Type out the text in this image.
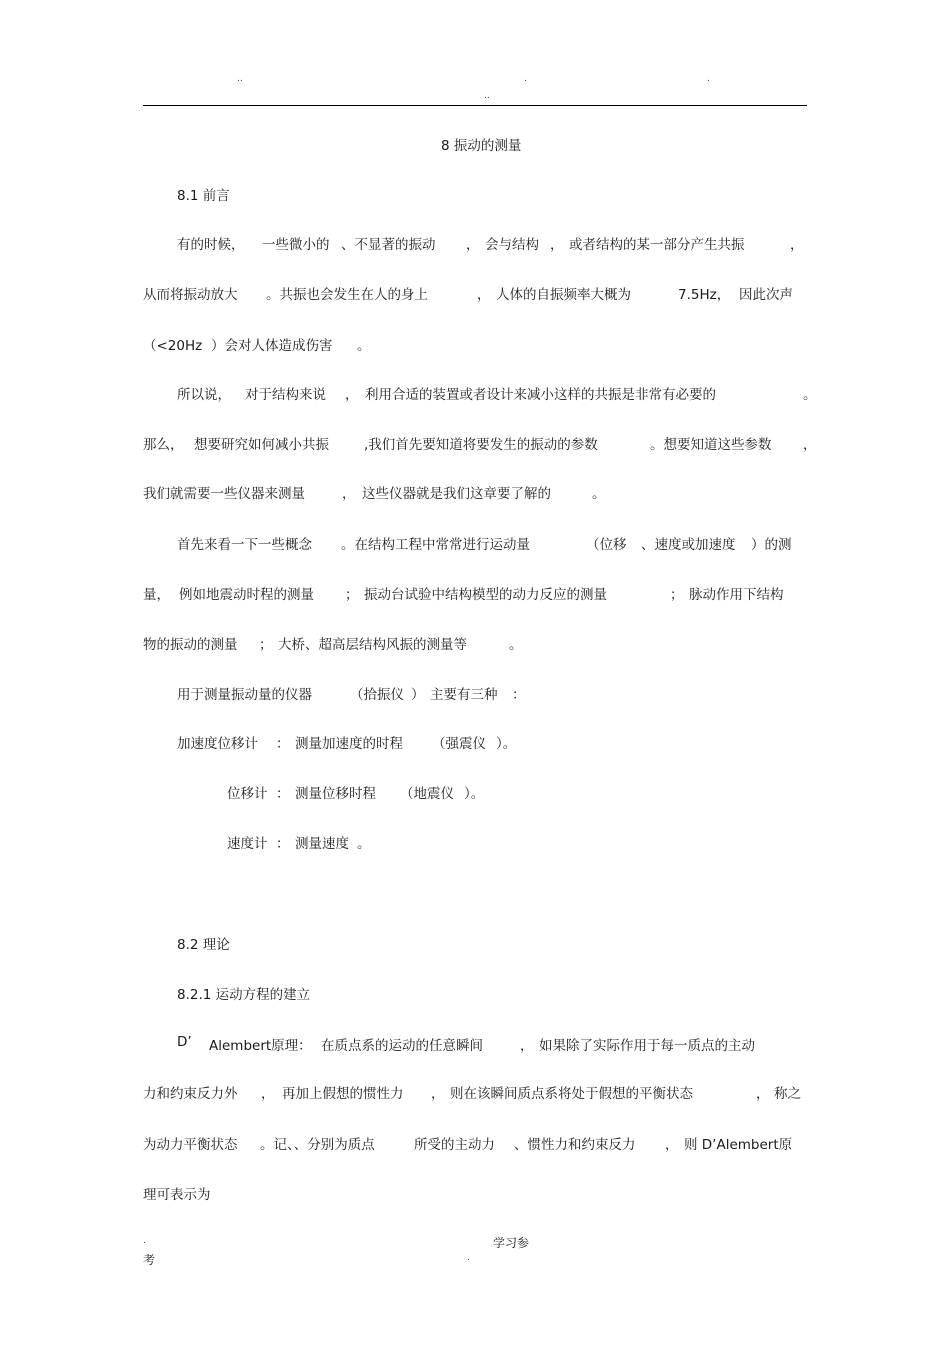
..	.	.
..
8 振动的测量
8.1 前言
有的时候， 一些微小的 、不显著的振动 ， 会与结构 ， 或者结构的某一部分产生共振	，
从而将振动放大 。共振也会发生在人的身上	， 人体的自振频率大概为	7.5Hz， 因此次声
（<20Hz ）会对人体造成伤害 。
所以说， 对于结构来说 ， 利用合适的装置或者设计来减小这样的共振是非常有必要的	。
那么， 想要研究如何减小共振	,我们首先要知道将要发生的振动的参数	。想要知道这些参数 ，
我们就需要一些仪器来测量	， 这些仪器就是我们这章要了解的	。
首先来看一下一些概念 。在结构工程中常常进行运动量	（位移 、速度或加速度 ）的测
量， 例如地震动时程的测量 ； 振动台试验中结构模型的动力反应的测量	； 脉动作用下结构
物的振动的测量 ； 大桥、超高层结构风振的测量等	。
用于测量振动量的仪器	（拾振仪 ） 主要有三种 ：
加速度位移计 ： 测量加速度的时程 （强震仪 ）。
位移计 ： 测量位移时程 （地震仪 ）。
速度计 ： 测量速度 。
8.2 理论
8.2.1 运动方程的建立
D’ Alembert原理： 在质点系的运动的任意瞬间	， 如果除了实际作用于每一质点的主动
力和约束反力外 ， 再加上假想的惯性力 ， 则在该瞬间质点系将处于假想的平衡状态	， 称之
为动力平衡状态 。记、、分别为质点	所受的主动力 、惯性力和约束反力 ， 则 D’Alembert原
理可表示为
学习参
.
考	.
